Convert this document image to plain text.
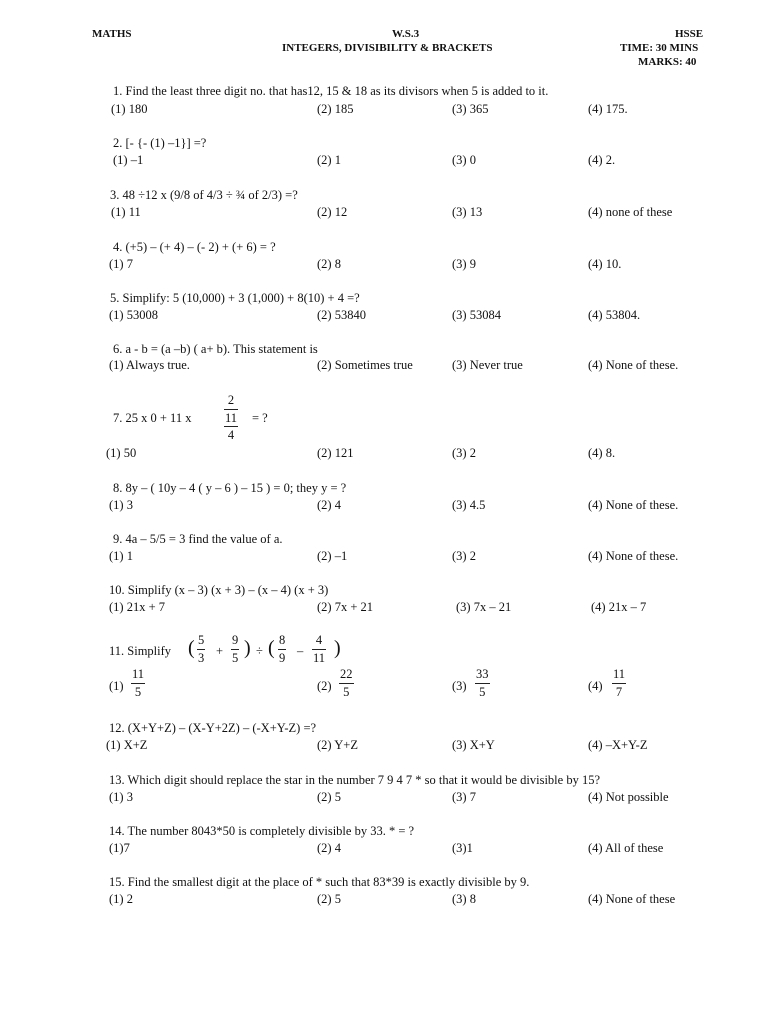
MATHS	W.S.3
INTEGERS, DIVISIBILITY & BRACKETS
HSSE
TIME: 30 MINS
MARKS: 40
1. Find the least three digit no. that has12, 15 & 18 as its divisors when 5 is added to it.
(1) 180	(2) 185	(3) 365	(4) 175.
2. [- {- (1) –1}] =?
(1) –1	(2) 1	(3) 0	(4) 2.
3. 48 ÷12 x (9/8 of 4/3 ÷ ¾ of 2/3) =?
(1) 11	(2) 12	(3) 13	(4) none of these
4. (+5) – (+ 4) – (- 2) + (+ 6) = ?
(1) 7	(2) 8	(3) 9	(4) 10.
5. Simplify: 5 (10,000) + 3 (1,000) + 8(10) + 4 =?
(1) 53008	(2) 53840	(3) 53084	(4) 53804.
6. a - b = (a –b) ( a+ b). This statement is
(1) Always true.	(2) Sometimes true	(3) Never true	(4) None of these.
7. 25 x 0 + 11 x
2
11
4
= ?
(1) 50	(2) 121	(3) 2	(4) 8.
8. 8y – ( 10y – 4 ( y – 6 ) – 15 ) = 0; they y = ?
(1) 3	(2) 4	(3) 4.5	(4) None of these.
9. 4a – 5/5 = 3 find the value of a.
(1) 1	(2) –1	(3) 2	(4) None of these.
10. Simplify (x – 3) (x + 3) – (x – 4) (x + 3)
(1) 21x + 7	(2) 7x + 21	(3) 7x – 21	(4) 21x – 7
11. Simplify ( 5
3 +
9
5 ) ÷ ( 8
9 –
4
11 )
(1)
11
5	(2)
22
5	(3)
33
5	(4)
11
7
12. (X+Y+Z) – (X-Y+2Z) – (-X+Y-Z) =?
(1) X+Z	(2) Y+Z	(3) X+Y	(4) –X+Y-Z
13. Which digit should replace the star in the number 7 9 4 7 * so that it would be divisible by 15?
(1) 3	(2) 5	(3) 7	(4) Not possible
14. The number 8043*50 is completely divisible by 33. * = ?
(1)7	(2) 4	(3)1	(4) All of these
15. Find the smallest digit at the place of * such that 83*39 is exactly divisible by 9.
(1) 2	(2) 5	(3) 8	(4) None of these
